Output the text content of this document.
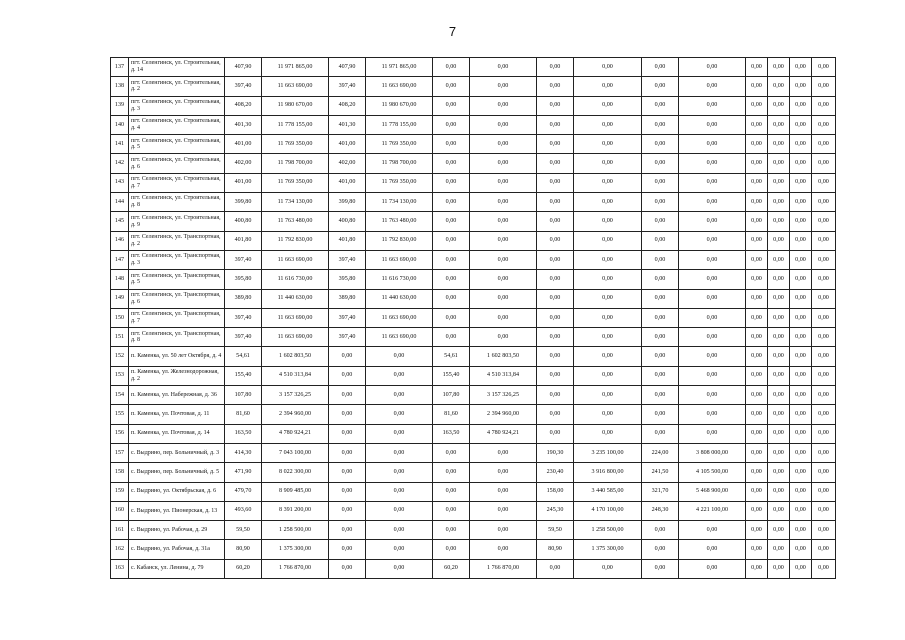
7
137	пгт. Селенгинск, ул. Строительная, д. 14	407,90	11 971 865,00	407,90	11 971 865,00	0,00	0,00	0,00	0,00	0,00	0,00	0,00	0,00	0,00	0,00
138	пгт. Селенгинск, ул. Строительная, д. 2	397,40	11 663 690,00	397,40	11 663 690,00	0,00	0,00	0,00	0,00	0,00	0,00	0,00	0,00	0,00	0,00
139	пгт. Селенгинск, ул. Строительная, д. 3	408,20	11 980 670,00	408,20	11 980 670,00	0,00	0,00	0,00	0,00	0,00	0,00	0,00	0,00	0,00	0,00
140	пгт. Селенгинск, ул. Строительная, д. 4	401,30	11 778 155,00	401,30	11 778 155,00	0,00	0,00	0,00	0,00	0,00	0,00	0,00	0,00	0,00	0,00
141	пгт. Селенгинск, ул. Строительная, д. 5	401,00	11 769 350,00	401,00	11 769 350,00	0,00	0,00	0,00	0,00	0,00	0,00	0,00	0,00	0,00	0,00
142	пгт. Селенгинск, ул. Строительная, д. 6	402,00	11 798 700,00	402,00	11 798 700,00	0,00	0,00	0,00	0,00	0,00	0,00	0,00	0,00	0,00	0,00
143	пгт. Селенгинск, ул. Строительная, д. 7	401,00	11 769 350,00	401,00	11 769 350,00	0,00	0,00	0,00	0,00	0,00	0,00	0,00	0,00	0,00	0,00
144	пгт. Селенгинск, ул. Строительная, д. 8	399,80	11 734 130,00	399,80	11 734 130,00	0,00	0,00	0,00	0,00	0,00	0,00	0,00	0,00	0,00	0,00
145	пгт. Селенгинск, ул. Строительная, д. 9	400,80	11 763 480,00	400,80	11 763 480,00	0,00	0,00	0,00	0,00	0,00	0,00	0,00	0,00	0,00	0,00
146	пгт. Селенгинск, ул. Транспортная, д. 2	401,80	11 792 830,00	401,80	11 792 830,00	0,00	0,00	0,00	0,00	0,00	0,00	0,00	0,00	0,00	0,00
147	пгт. Селенгинск, ул. Транспортная, д. 3	397,40	11 663 690,00	397,40	11 663 690,00	0,00	0,00	0,00	0,00	0,00	0,00	0,00	0,00	0,00	0,00
148	пгт. Селенгинск, ул. Транспортная, д. 5	395,80	11 616 730,00	395,80	11 616 730,00	0,00	0,00	0,00	0,00	0,00	0,00	0,00	0,00	0,00	0,00
149	пгт. Селенгинск, ул. Транспортная, д. 6	389,80	11 440 630,00	389,80	11 440 630,00	0,00	0,00	0,00	0,00	0,00	0,00	0,00	0,00	0,00	0,00
150	пгт. Селенгинск, ул. Транспортная, д. 7	397,40	11 663 690,00	397,40	11 663 690,00	0,00	0,00	0,00	0,00	0,00	0,00	0,00	0,00	0,00	0,00
151	пгт. Селенгинск, ул. Транспортная, д. 8	397,40	11 663 690,00	397,40	11 663 690,00	0,00	0,00	0,00	0,00	0,00	0,00	0,00	0,00	0,00	0,00
152	п. Каменка, ул. 50 лет Октября, д. 4	54,61	1 602 803,50	0,00	0,00	54,61	1 602 803,50	0,00	0,00	0,00	0,00	0,00	0,00	0,00	0,00
153	п. Каменка, ул. Железнодорожная, д. 2	155,40	4 510 313,84	0,00	0,00	155,40	4 510 313,84	0,00	0,00	0,00	0,00	0,00	0,00	0,00	0,00
154	п. Каменка, ул. Набережная, д. 36	107,80	3 157 326,25	0,00	0,00	107,80	3 157 326,25	0,00	0,00	0,00	0,00	0,00	0,00	0,00	0,00
155	п. Каменка, ул. Почтовая, д. 11	81,60	2 394 960,00	0,00	0,00	81,60	2 394 960,00	0,00	0,00	0,00	0,00	0,00	0,00	0,00	0,00
156	п. Каменка, ул. Почтовая, д. 14	163,50	4 780 924,21	0,00	0,00	163,50	4 780 924,21	0,00	0,00	0,00	0,00	0,00	0,00	0,00	0,00
157	с. Выдрино, пер. Больничный, д. 3	414,30	7 043 100,00	0,00	0,00	0,00	0,00	190,30	3 235 100,00	224,00	3 808 000,00	0,00	0,00	0,00	0,00
158	с. Выдрино, пер. Больничный, д. 5	471,90	8 022 300,00	0,00	0,00	0,00	0,00	230,40	3 916 800,00	241,50	4 105 500,00	0,00	0,00	0,00	0,00
159	с. Выдрино, ул. Октябрьская, д. 6	479,70	8 909 485,00	0,00	0,00	0,00	0,00	158,00	3 440 585,00	321,70	5 468 900,00	0,00	0,00	0,00	0,00
160	с. Выдрино, ул. Пионерская, д. 13	493,60	8 391 200,00	0,00	0,00	0,00	0,00	245,30	4 170 100,00	248,30	4 221 100,00	0,00	0,00	0,00	0,00
161	с. Выдрино, ул. Рабочая, д. 29	59,50	1 258 500,00	0,00	0,00	0,00	0,00	59,50	1 258 500,00	0,00	0,00	0,00	0,00	0,00	0,00
162	с. Выдрино, ул. Рабочая, д. 31а	80,90	1 375 300,00	0,00	0,00	0,00	0,00	80,90	1 375 300,00	0,00	0,00	0,00	0,00	0,00	0,00
163	с. Кабанск, ул. Ленина, д. 79	60,20	1 766 870,00	0,00	0,00	60,20	1 766 870,00	0,00	0,00	0,00	0,00	0,00	0,00	0,00	0,00
